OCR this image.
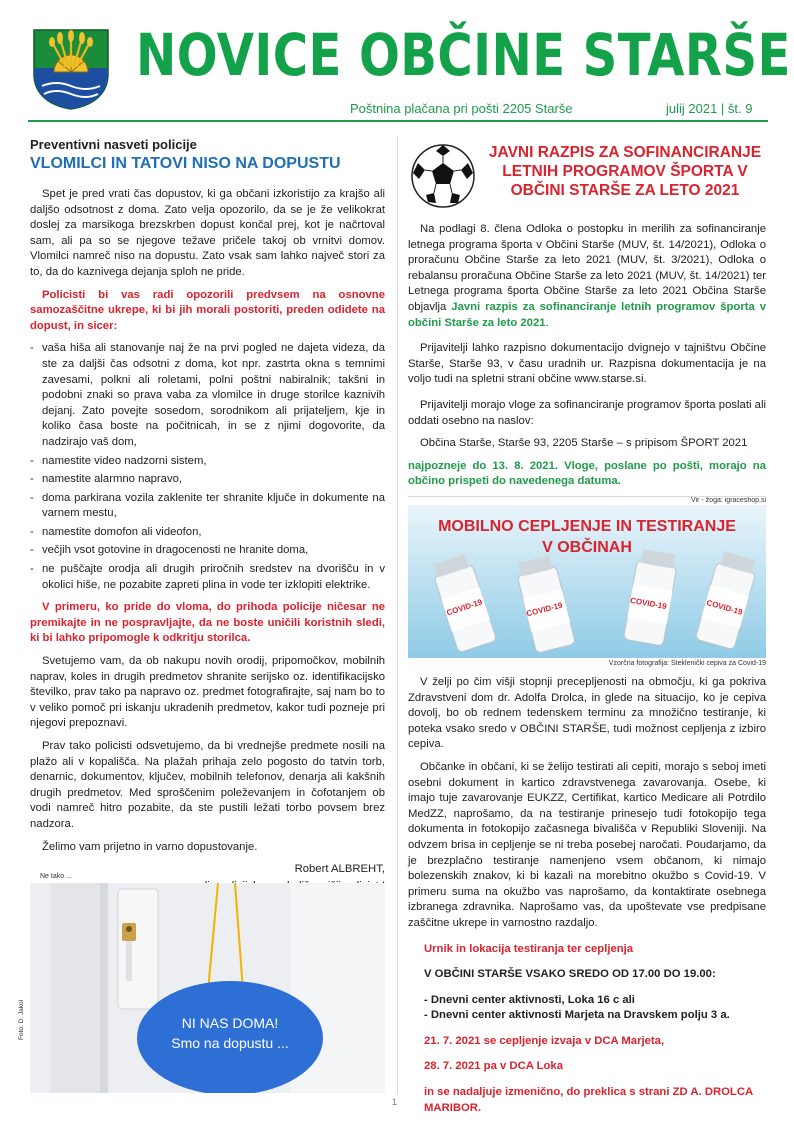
NOVICE OBČINE STARŠE
Poštnina plačana pri pošti 2205 Starše	julij 2021 | št. 9
Preventivni nasveti policije
VLOMILCI IN TATOVI NISO NA DOPUSTU

Spet je pred vrati čas dopustov, ki ga občani izkoristijo za krajšo ali daljšo odsotnost z doma. Zato velja opozorilo, da se je že velikokrat doslej za marsikoga brezskrben dopust končal prej, kot je načrtoval sam, ali pa so se njegove težave pričele takoj ob vrnitvi domov. Vlomilci namreč niso na dopustu. Zato vsak sam lahko največ stori za to, da do kaznivega dejanja sploh ne pride.

Policisti bi vas radi opozorili predvsem na osnovne samozaščitne ukrepe, ki bi jih morali postoriti, preden odidete na dopust, in sicer:

- vaša hiša ali stanovanje naj že na prvi pogled ne dajeta videza, da ste za daljši čas odsotni z doma, kot npr. zastrta okna s temnimi zavesami, polkni ali roletami, polni poštni nabiralnik; takšni in podobni znaki so prava vaba za vlomilce in druge storilce kaznivih dejanj. Zato povejte sosedom, sorodnikom ali prijateljem, kje in koliko časa boste na počitnicah, in se z njimi dogovorite, da nadzirajo vaš dom,
- namestite video nadzorni sistem,
- namestite alarmno napravo,
- doma parkirana vozila zaklenite ter shranite ključe in dokumente na varnem mestu,
- namestite domofon ali videofon,
- večjih vsot gotovine in dragocenosti ne hranite doma,
- ne puščajte orodja ali drugih priročnih sredstev na dvorišču in v okolici hiše, ne pozabite zapreti plina in vode ter izklopiti elektrike.

V primeru, ko pride do vloma, do prihoda policije ničesar ne premikajte in ne pospravljajte, da ne boste uničili koristnih sledi, ki bi lahko pripomogle k odkritju storilca.

Svetujemo vam, da ob nakupu novih orodij, pripomočkov, mobilnih naprav, koles in drugih predmetov shranite serijsko oz. identifikacijsko številko, prav tako pa napravo oz. predmet fotografirajte, saj nam bo to v veliko pomoč pri iskanju ukradenih predmetov, kakor tudi pozneje pri njegovi prepoznavi.

Prav tako policisti odsvetujemo, da bi vrednejše predmete nosili na plažo ali v kopališča. Na plažah prihaja zelo pogosto do tatvin torb, denarnic, dokumentov, ključev, mobilnih telefonov, denarja ali kakšnih drugih predmetov. Med sproščenim poleževanjem in čofotanjem ob vodi namreč hitro pozabite, da ste pustili ležati torbo povsem brez nadzora.

Želimo vam prijetno in varno dopustovanje.

Robert ALBREHT,
Ne tako ...
Foto: D. Jakol	NI NAS DOMA!
Smo na dopustu ...
JAVNI RAZPIS ZA SOFINANCIRANJE LETNIH PROGRAMOV ŠPORTA V OBČINI STARŠE ZA LETO 2021

Na podlagi 8. člena Odloka o postopku in merilih za sofinanciranje letnega programa športa v Občini Starše (MUV, št. 14/2021), Odloka o proračunu Občine Starše za leto 2021 (MUV, št. 3/2021), Odloka o rebalansu proračuna Občine Starše za leto 2021 (MUV, št. 14/2021) ter Letnega programa športa Občine Starše za leto 2021 Občina Starše objavlja Javni razpis za sofinanciranje letnih programov športa v občini Starše za leto 2021.

Prijavitelji lahko razpisno dokumentacijo dvignejo v tajništvu Občine Starše, Starše 93, v času uradnih ur. Razpisna dokumentacija je na voljo tudi na spletni strani občine www.starse.si.

Prijavitelji morajo vloge za sofinanciranje programov športa poslati ali oddati osebno na naslov:

Občina Starše, Starše 93, 2205 Starše – s pripisom ŠPORT 2021

najpozneje do 13. 8. 2021. Vloge, poslane po pošti, morajo na občino prispeti do navedenega datuma.

Vir - žoga: igraceshop.si
COVID-19	COVID-19	COVID-19	COVID-19
MOBILNO CEPLJENJE IN TESTIRANJE
V OBČINAH
Vzorčna fotografija: Steklenički cepiva za Covid-19

V želji po čim višji stopnji precepljenosti na območju, ki ga pokriva Zdravstveni dom dr. Adolfa Drolca, in glede na situacijo, ko je cepiva dovolj, bo ob rednem tedenskem terminu za množično testiranje, ki poteka vsako sredo v OBČINI STARŠE, tudi možnost cepljenja z izbiro cepiva.

Občanke in občani, ki se želijo testirati ali cepiti, morajo s seboj imeti osebni dokument in kartico zdravstvenega zavarovanja. Osebe, ki imajo tuje zavarovanje EUKZZ, Certifikat, kartico Medicare ali Potrdilo MedZZ, naprošamo, da na testiranje prinesejo tudi fotokopijo tega dokumenta in fotokopijo začasnega bivališča v Republiki Sloveniji. Na odvzem brisa in cepljenje se ni treba posebej naročati. Poudarjamo, da je brezplačno testiranje namenjeno vsem občanom, ki nimajo bolezenskih znakov, ki bi kazali na morebitno okužbo s Covid-19. V primeru suma na okužbo vas naprošamo, da kontaktirate osebnega izbranega zdravnika. Naprošamo vas, da upoštevate vse predpisane zaščitne ukrepe in varnostno razdaljo.

Urnik in lokacija testiranja ter cepljenja
V OBČINI STARŠE VSAKO SREDO OD 17.00 DO 19.00:
- Dnevni center aktivnosti, Loka 16 c ali
- Dnevni center aktivnosti Marjeta na Dravskem polju 3 a.
21. 7. 2021 se cepljenje izvaja v DCA Marjeta,
28. 7. 2021 pa v DCA Loka
in se nadaljuje izmenično, do preklica s strani ZD A. DROLCA MARIBOR.
1
